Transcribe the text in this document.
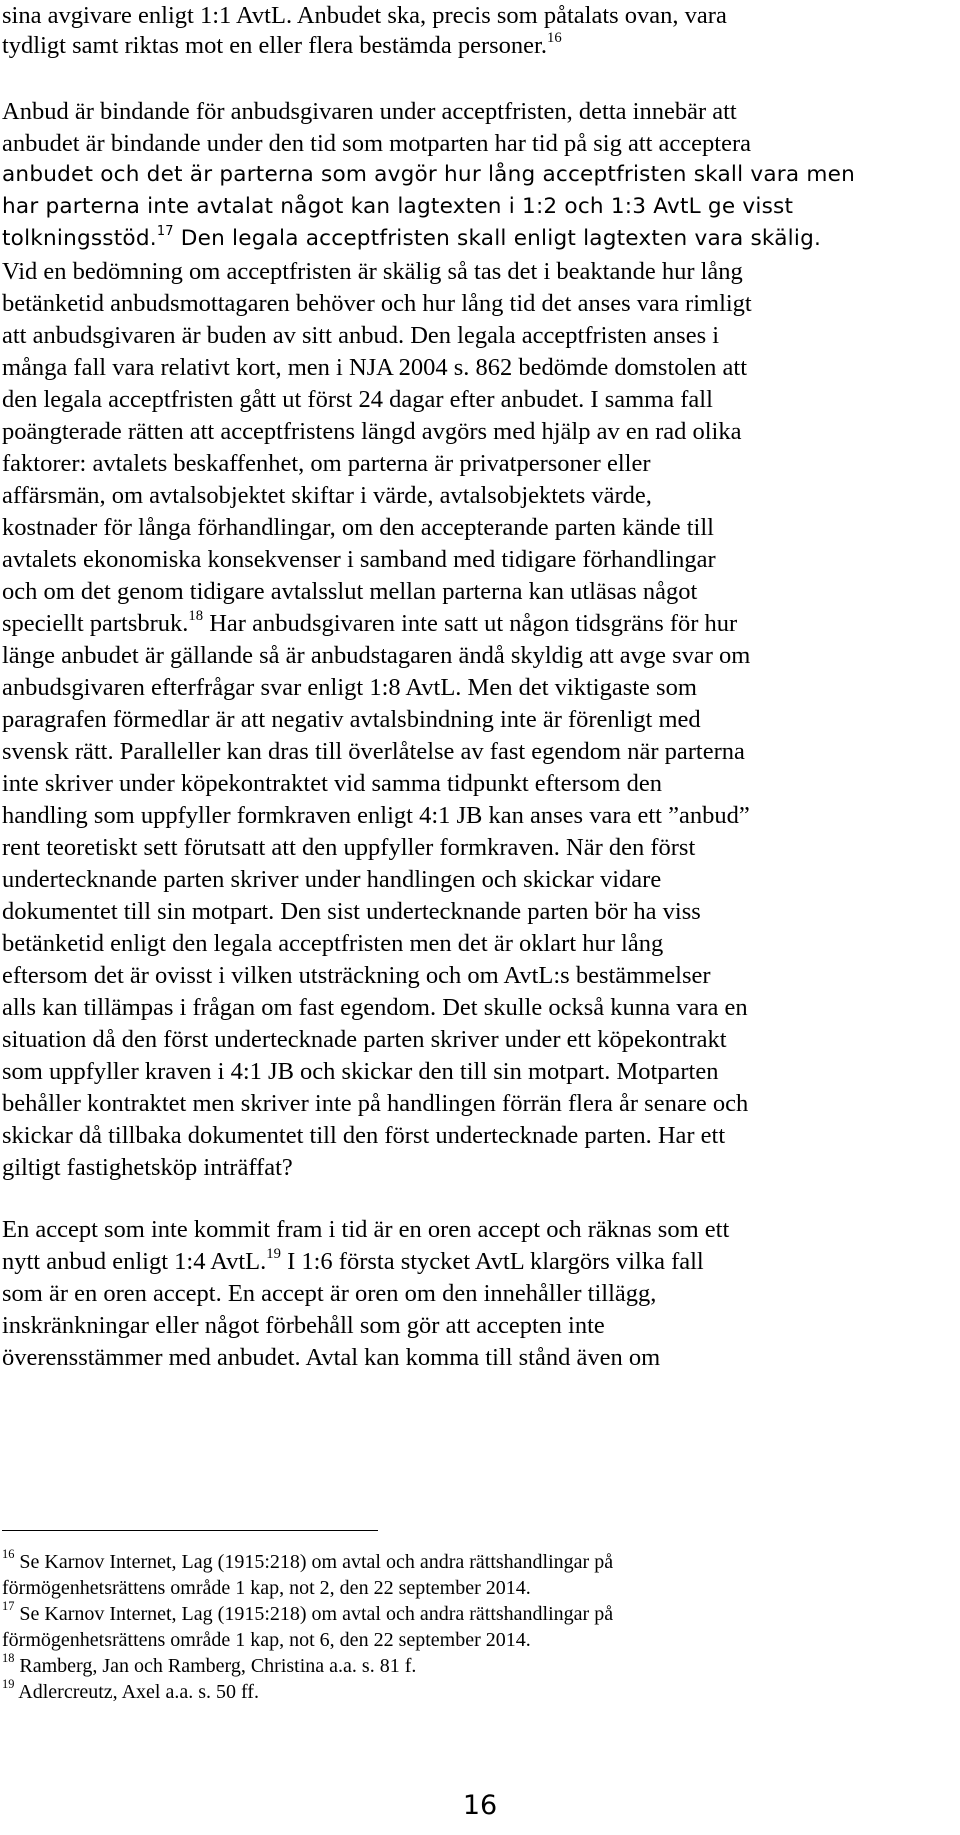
sina avgivare enligt 1:1 AvtL. Anbudet ska, precis som påtalats ovan, vara
tydligt samt riktas mot en eller flera bestämda personer.$^{16}$
Anbud är bindande för anbudsgivaren under acceptfristen, detta innebär att
anbudet är bindande under den tid som motparten har tid på sig att acceptera
anbudet och det är parterna som avgör hur lång acceptfristen skall vara men
har parterna inte avtalat något kan lagtexten i 1:2 och 1:3 AvtL ge visst
tolkningsstöd.$^{17}$ Den legala acceptfristen skall enligt lagtexten vara skälig.
Vid en bedömning om acceptfristen är skälig så tas det i beaktande hur lång
betänketid anbudsmottagaren behöver och hur lång tid det anses vara rimligt
att anbudsgivaren är buden av sitt anbud. Den legala acceptfristen anses i
många fall vara relativt kort, men i NJA 2004 s. 862 bedömde domstolen att
den legala acceptfristen gått ut först 24 dagar efter anbudet. I samma fall
poängterade rätten att acceptfristens längd avgörs med hjälp av en rad olika
faktorer: avtalets beskaffenhet, om parterna är privatpersoner eller
affärsmän, om avtalsobjektet skiftar i värde, avtalsobjektets värde,
kostnader för långa förhandlingar, om den accepterande parten kände till
avtalets ekonomiska konsekvenser i samband med tidigare förhandlingar
och om det genom tidigare avtalsslut mellan parterna kan utläsas något
speciellt partsbruk.$^{18}$ Har anbudsgivaren inte satt ut någon tidsgräns för hur
länge anbudet är gällande så är anbudstagaren ändå skyldig att avge svar om
anbudsgivaren efterfrågar svar enligt 1:8 AvtL. Men det viktigaste som
paragrafen förmedlar är att negativ avtalsbindning inte är förenligt med
svensk rätt. Paralleller kan dras till överlåtelse av fast egendom när parterna
inte skriver under köpekontraktet vid samma tidpunkt eftersom den
handling som uppfyller formkraven enligt 4:1 JB kan anses vara ett ”anbud”
rent teoretiskt sett förutsatt att den uppfyller formkraven. När den först
undertecknande parten skriver under handlingen och skickar vidare
dokumentet till sin motpart. Den sist undertecknande parten bör ha viss
betänketid enligt den legala acceptfristen men det är oklart hur lång
eftersom det är ovisst i vilken utsträckning och om AvtL:s bestämmelser
alls kan tillämpas i frågan om fast egendom. Det skulle också kunna vara en
situation då den först undertecknade parten skriver under ett köpekontrakt
som uppfyller kraven i 4:1 JB och skickar den till sin motpart. Motparten
behåller kontraktet men skriver inte på handlingen förrän flera år senare och
skickar då tillbaka dokumentet till den först undertecknade parten. Har ett
giltigt fastighetsköp inträffat?
En accept som inte kommit fram i tid är en oren accept och räknas som ett
nytt anbud enligt 1:4 AvtL.$^{19}$ I 1:6 första stycket AvtL klargörs vilka fall
som är en oren accept. En accept är oren om den innehåller tillägg,
inskränkningar eller något förbehåll som gör att accepten inte
överensstämmer med anbudet. Avtal kan komma till stånd även om
$^{16}$ Se Karnov Internet, Lag (1915:218) om avtal och andra rättshandlingar på
förmögenhetsrättens område 1 kap, not 2, den 22 september 2014.
$^{17}$ Se Karnov Internet, Lag (1915:218) om avtal och andra rättshandlingar på
förmögenhetsrättens område 1 kap, not 6, den 22 september 2014.
$^{18}$ Ramberg, Jan och Ramberg, Christina a.a. s. 81 f.
$^{19}$ Adlercreutz, Axel a.a. s. 50 ff.
16
